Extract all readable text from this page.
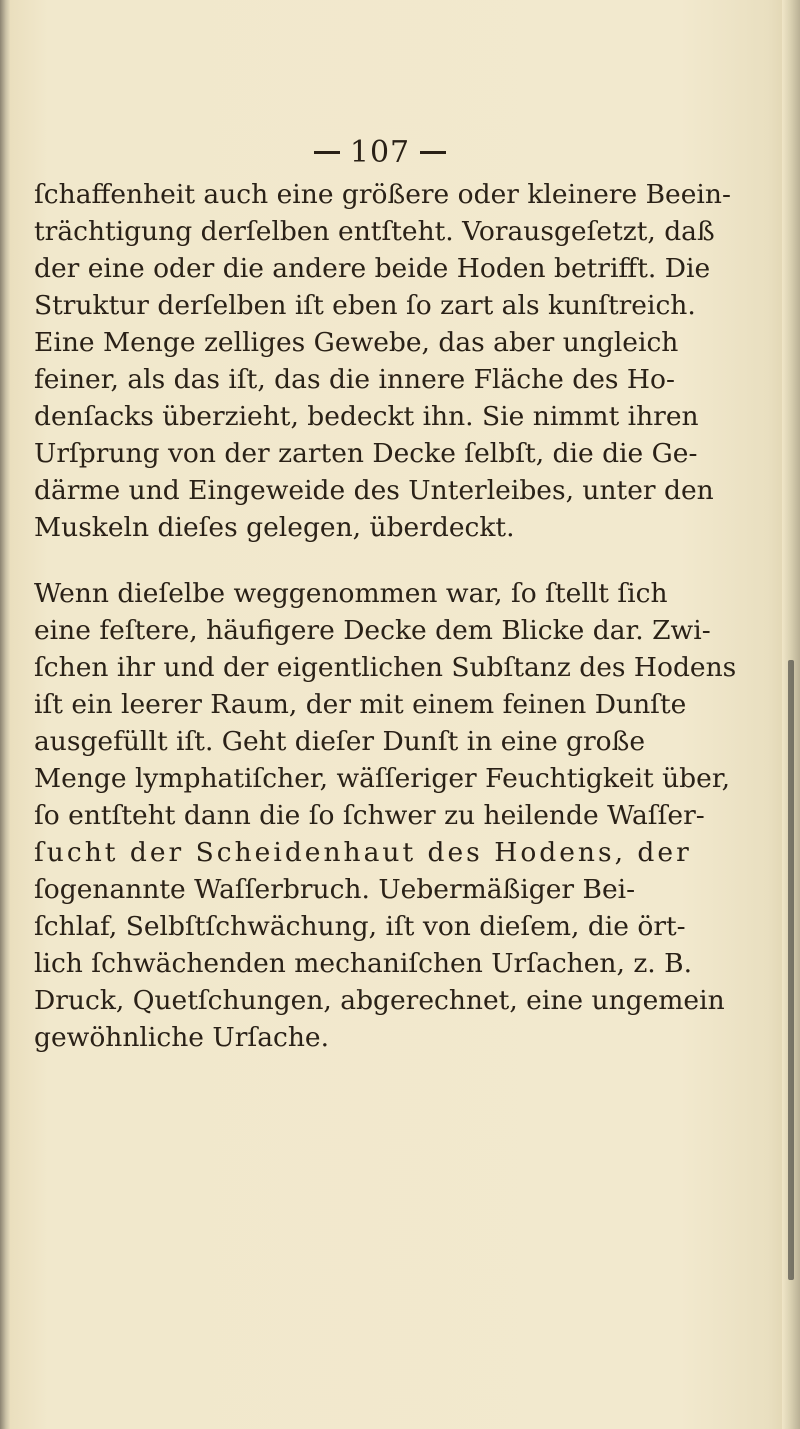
107

ſchaffenheit auch eine größere oder kleinere Beein-
trächtigung derſelben entſteht. Vorausgeſetzt, daß
der eine oder die andere beide Hoden betrifft. Die
Struktur derſelben iſt eben ſo zart als kunſtreich.
Eine Menge zelliges Gewebe, das aber ungleich
feiner, als das iſt, das die innere Fläche des Ho-
denſacks überzieht, bedeckt ihn. Sie nimmt ihren
Urſprung von der zarten Decke ſelbſt, die die Ge-
därme und Eingeweide des Unterleibes, unter den
Muskeln dieſes gelegen, überdeckt.

Wenn dieſelbe weggenommen war, ſo ſtellt ſich
eine feſtere, häufigere Decke dem Blicke dar. Zwi-
ſchen ihr und der eigentlichen Subſtanz des Hodens
iſt ein leerer Raum, der mit einem feinen Dunſte
ausgefüllt iſt. Geht dieſer Dunſt in eine große
Menge lymphatiſcher, wäſſeriger Feuchtigkeit über,
ſo entſteht dann die ſo ſchwer zu heilende Waſſer-
ſucht der Scheidenhaut des Hodens, der
ſogenannte Waſſerbruch. Uebermäßiger Bei-
ſchlaf, Selbſtſchwächung, iſt von dieſem, die ört-
lich ſchwächenden mechaniſchen Urſachen, z. B.
Druck, Quetſchungen, abgerechnet, eine ungemein
gewöhnliche Urſache.
